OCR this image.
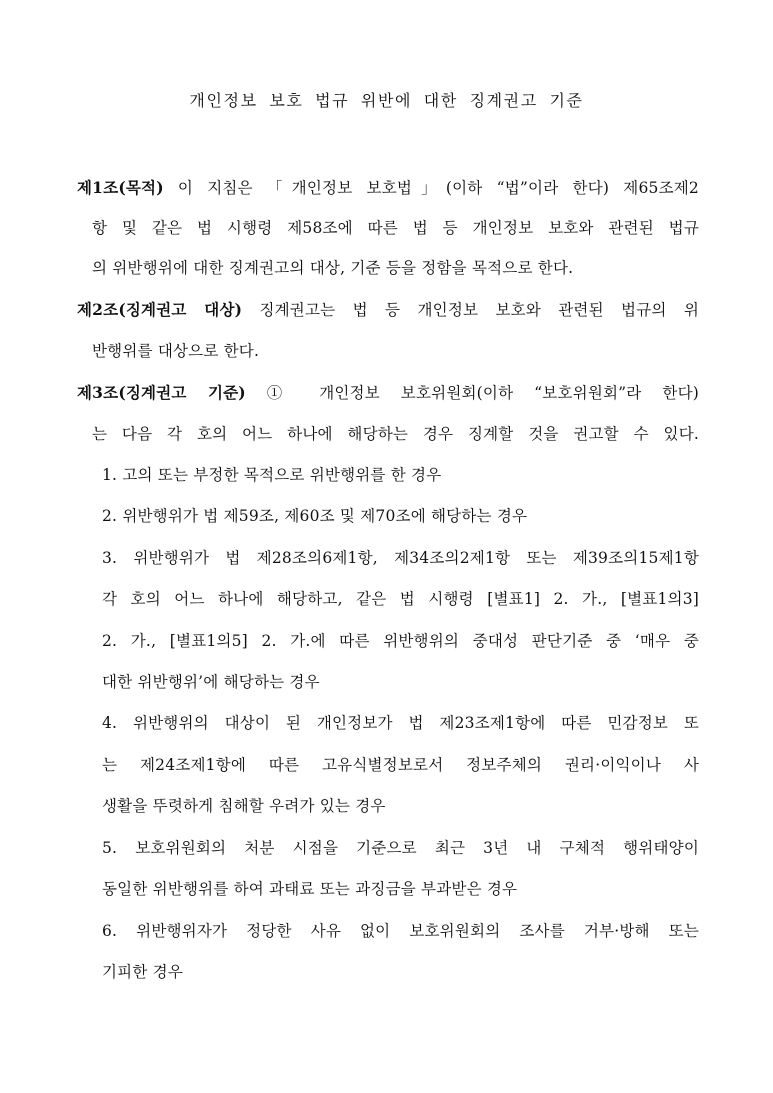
개인정보 보호 법규 위반에 대한 징계권고 기준
제1조(목적) 이 지침은 「개인정보 보호법」(이하 “법”이라 한다) 제65조제2
항 및 같은 법 시행령 제58조에 따른 법 등 개인정보 보호와 관련된 법규
의 위반행위에 대한 징계권고의 대상, 기준 등을 정함을 목적으로 한다.
제2조(징계권고 대상) 징계권고는 법 등 개인정보 보호와 관련된 법규의 위
반행위를 대상으로 한다.
제3조(징계권고 기준) ① 개인정보 보호위원회(이하 “보호위원회”라 한다)
는 다음 각 호의 어느 하나에 해당하는 경우 징계할 것을 권고할 수 있다.
1. 고의 또는 부정한 목적으로 위반행위를 한 경우
2. 위반행위가 법 제59조, 제60조 및 제70조에 해당하는 경우
3. 위반행위가 법 제28조의6제1항, 제34조의2제1항 또는 제39조의15제1항
각 호의 어느 하나에 해당하고, 같은 법 시행령 [별표1] 2. 가., [별표1의3]
2. 가., [별표1의5] 2. 가.에 따른 위반행위의 중대성 판단기준 중 ‘매우 중
대한 위반행위’에 해당하는 경우
4. 위반행위의 대상이 된 개인정보가 법 제23조제1항에 따른 민감정보 또
는 제24조제1항에 따른 고유식별정보로서 정보주체의 권리·이익이나 사
생활을 뚜렷하게 침해할 우려가 있는 경우
5. 보호위원회의 처분 시점을 기준으로 최근 3년 내 구체적 행위태양이
동일한 위반행위를 하여 과태료 또는 과징금을 부과받은 경우
6. 위반행위자가 정당한 사유 없이 보호위원회의 조사를 거부·방해 또는
기피한 경우
